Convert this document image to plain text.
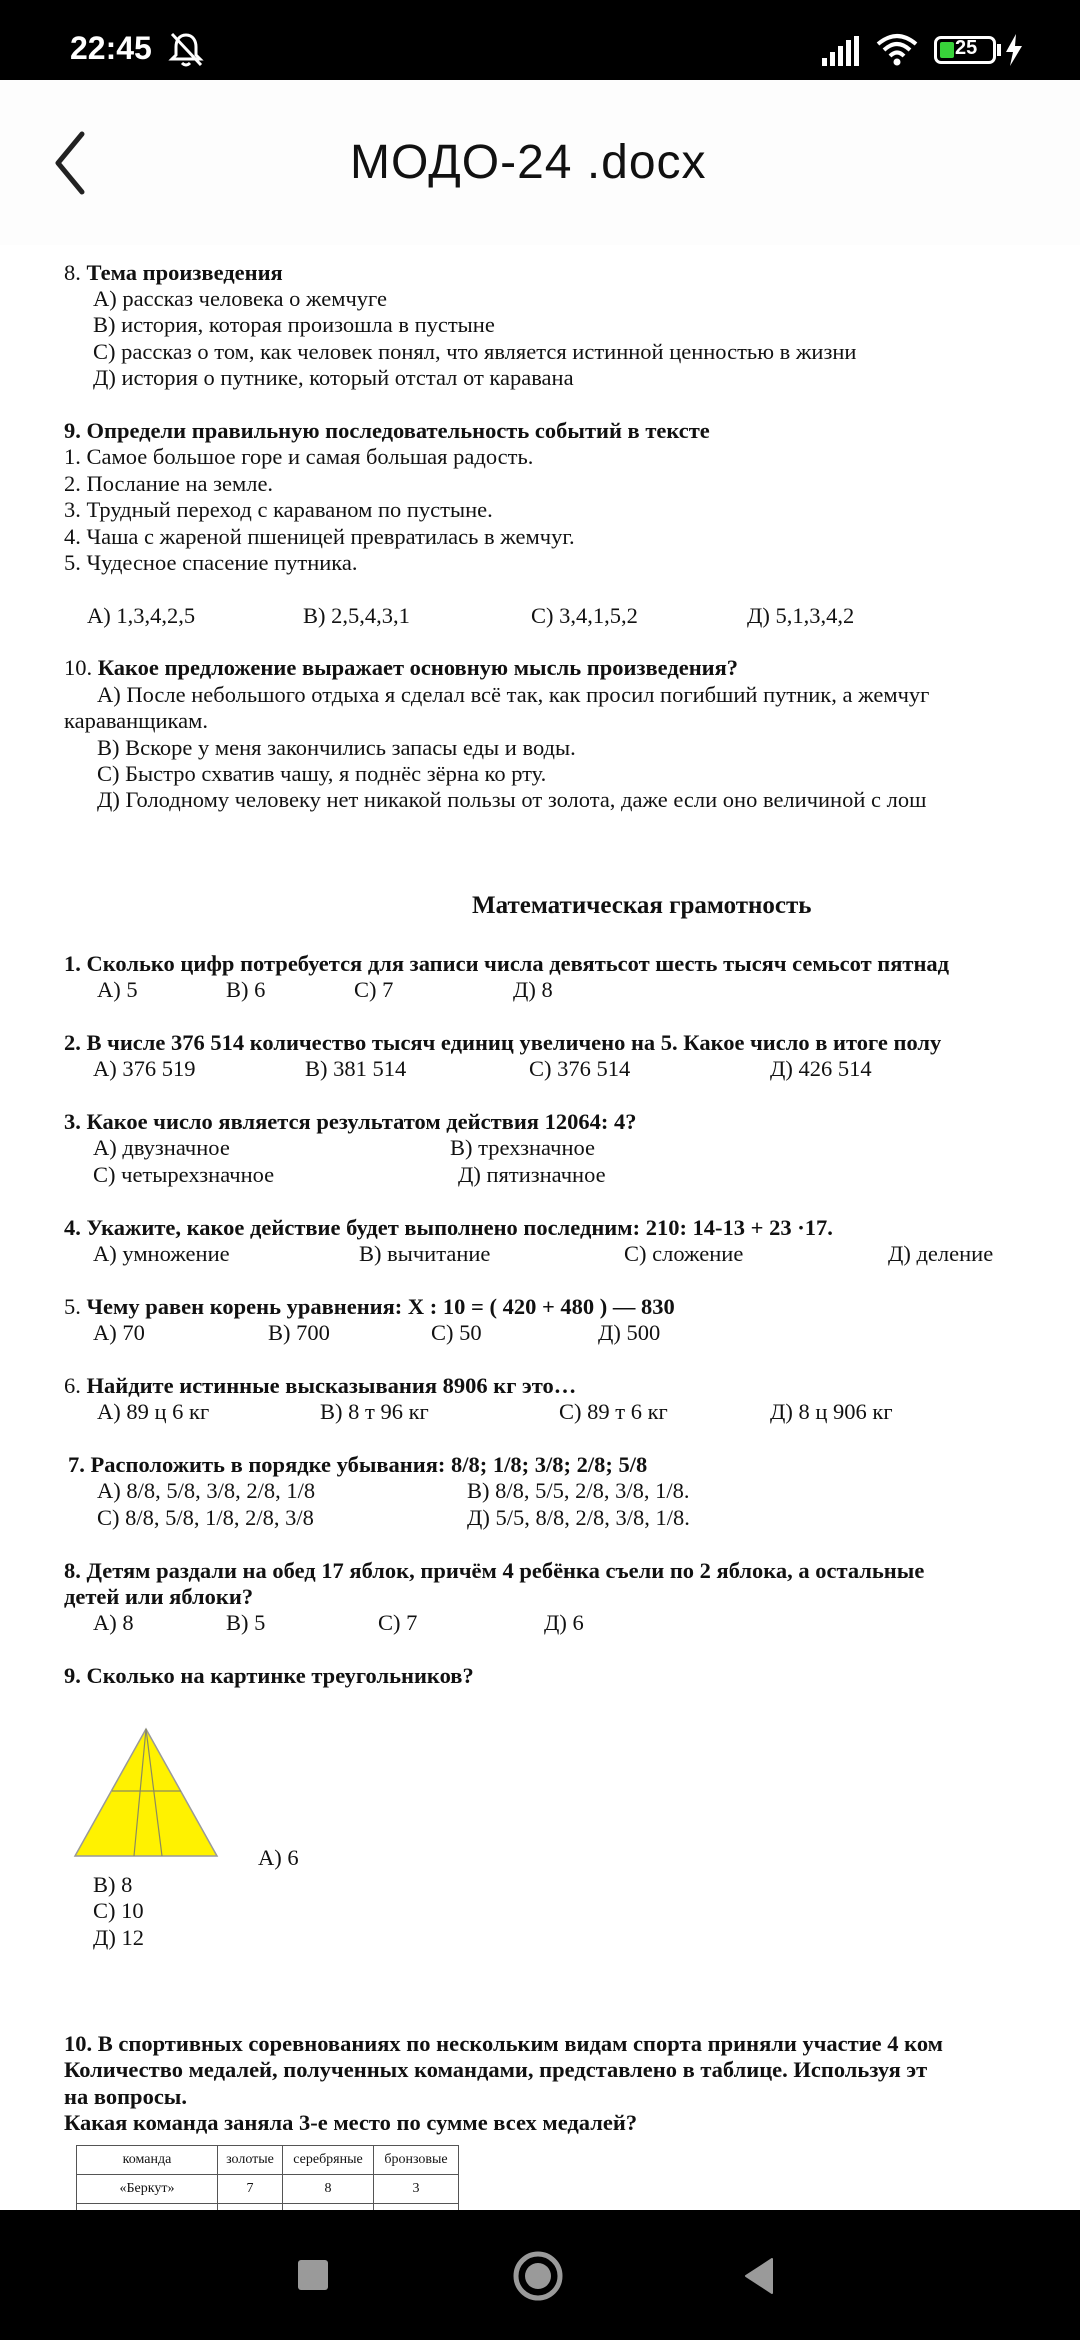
22:45	25
МОДО-24 .docx
8. Тема произведения
А) рассказ человека о жемчуге
В) история, которая произошла в пустыне
С) рассказ о том, как человек понял, что является истинной ценностью в жизни
Д) история о путнике, который отстал от каравана
9. Определи правильную последовательность событий в тексте
1. Самое большое горе и самая большая радость.
2. Послание на земле.
3. Трудный переход с караваном по пустыне.
4. Чаша с жареной пшеницей превратилась в жемчуг.
5. Чудесное спасение путника.
А) 1,3,4,2,5	В) 2,5,4,3,1	С) 3,4,1,5,2	Д) 5,1,3,4,2
10. Какое предложение выражает основную мысль произведения?
А) После небольшого отдыха я сделал всё так, как просил погибший путник, а жемчуг
караванщикам.
В) Вскоре у меня закончились запасы еды и воды.
С) Быстро схватив чашу, я поднёс зёрна ко рту.
Д) Голодному человеку нет никакой пользы от золота, даже если оно величиной с лош
Математическая грамотность
1. Сколько цифр потребуется для записи числа девятьсот шесть тысяч семьсот пятнад
А) 5	В) 6	С) 7	Д) 8
2. В числе 376 514 количество тысяч единиц увеличено на 5. Какое число в итоге полу
А) 376 519	В) 381 514	С) 376 514	Д) 426 514
3. Какое число является результатом действия 12064: 4?
А) двузначное	В) трехзначное
С) четырехзначное	Д) пятизначное
4. Укажите, какое действие будет выполнено последним: 210: 14-13 + 23 ·17.
А) умножение	В) вычитание	С) сложение	Д) деление
5. Чему равен корень уравнения: Х : 10 = ( 420 + 480 ) — 830
А) 70	В) 700	С) 50	Д) 500
6. Найдите истинные высказывания 8906 кг это…
А) 89 ц 6 кг	В) 8 т 96 кг	С) 89 т 6 кг	Д) 8 ц 906 кг
7. Расположить в порядке убывания: 8/8; 1/8; 3/8; 2/8; 5/8
А) 8/8, 5/8, 3/8, 2/8, 1/8	В) 8/8, 5/5, 2/8, 3/8, 1/8.
С) 8/8, 5/8, 1/8, 2/8, 3/8	Д) 5/5, 8/8, 2/8, 3/8, 1/8.
8. Детям раздали на обед 17 яблок, причём 4 ребёнка съели по 2 яблока, а остальные
детей или яблоки?
А) 8	В) 5	С) 7	Д) 6
9. Сколько на картинке треугольников?
А) 6
В) 8
С) 10
Д) 12
10. В спортивных соревнованиях по нескольким видам спорта приняли участие 4 ком
Количество медалей, полученных командами, представлено в таблице. Используя эт
на вопросы.
Какая команда заняла 3-е место по сумме всех медалей?
команда	золотые	серебряные	бронзовые
«Беркут»	7	8	3
